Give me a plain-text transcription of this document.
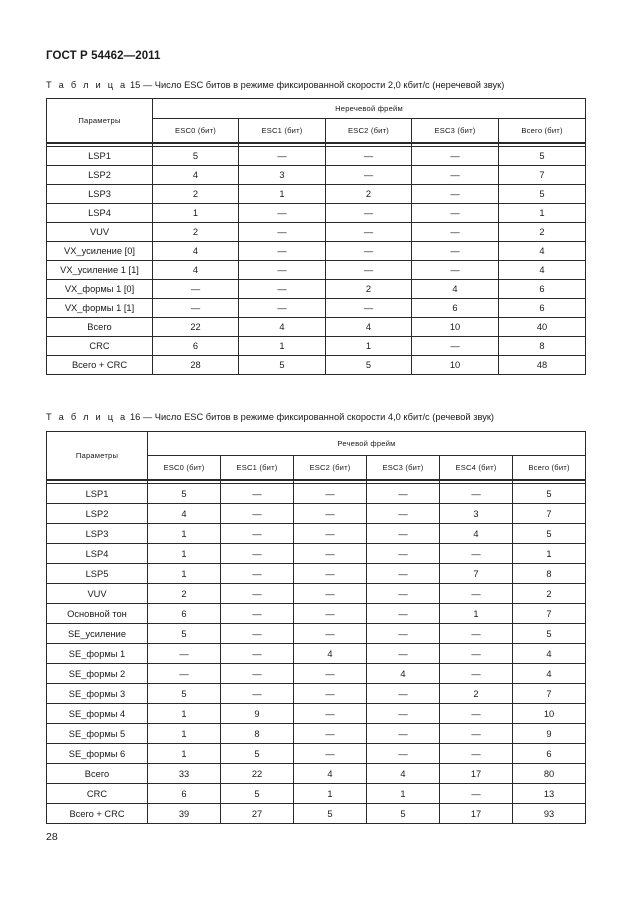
ГОСТ Р 54462—2011
Т а б л и ц а 15 — Число ESC битов в режиме фиксированной скорости 2,0 кбит/с (неречевой звук)
Параметры	Неречевой фрейм				
	ESC0 (бит)	ESC1 (бит)	ESC2 (бит)	ESC3 (бит)	Всего (бит)

LSP1	5	—	—	—	5
LSP2	4	3	—	—	7
LSP3	2	1	2	—	5
LSP4	1	—	—	—	1
VUV	2	—	—	—	2
VX_усиление [0]	4	—	—	—	4
VX_усиление 1 [1]	4	—	—	—	4
VX_формы 1 [0]	—	—	2	4	6
VX_формы 1 [1]	—	—	—	6	6
Всего	22	4	4	10	40
CRC	6	1	1	—	8
Всего + CRC	28	5	5	10	48
Т а б л и ц а 16 — Число ESC битов в режиме фиксированной скорости 4,0 кбит/с (речевой звук)
Параметры	Речевой фрейм					
	ESC0 (бит)	ESC1 (бит)	ESC2 (бит)	ESC3 (бит)	ESC4 (бит)	Всего (бит)

LSP1	5	—	—	—	—	5
LSP2	4	—	—	—	3	7
LSP3	1	—	—	—	4	5
LSP4	1	—	—	—	—	1
LSP5	1	—	—	—	7	8
VUV	2	—	—	—	—	2
Основной тон	6	—	—	—	1	7
SE_усиление	5	—	—	—	—	5
SE_формы 1	—	—	4	—	—	4
SE_формы 2	—	—	—	4	—	4
SE_формы 3	5	—	—	—	2	7
SE_формы 4	1	9	—	—	—	10
SE_формы 5	1	8	—	—	—	9
SE_формы 6	1	5	—	—	—	6
Всего	33	22	4	4	17	80
CRC	6	5	1	1	—	13
Всего + CRC	39	27	5	5	17	93
28
